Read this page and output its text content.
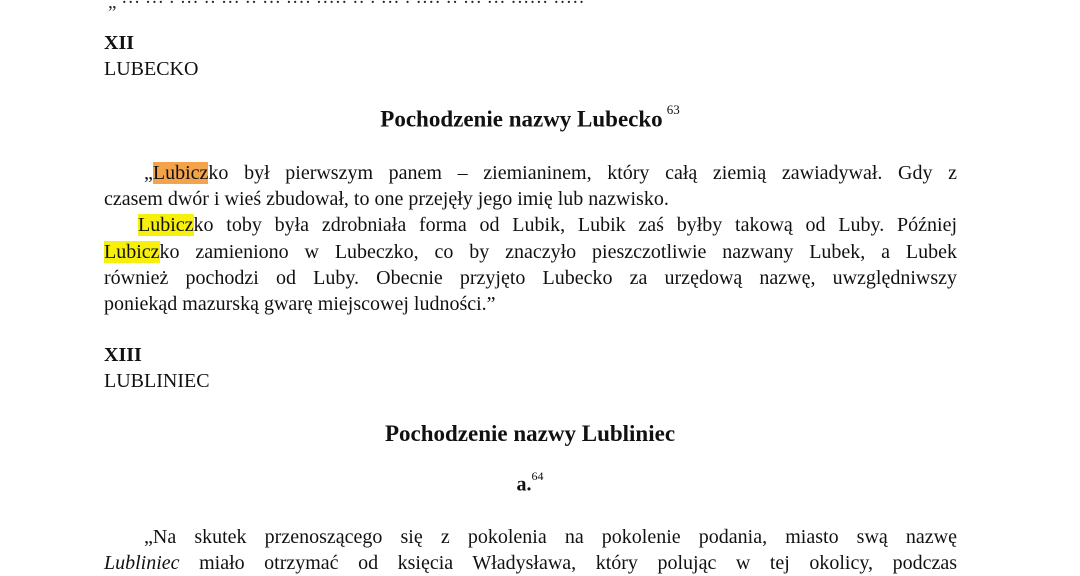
„ ··· ··· · ··· ·· ··· ·· ··· ···· ····· ·· · ··· · ···· ·· ··· ··· ······ ·····
XII
LUBECKO
Pochodzenie nazwy Lubecko $^{63}$
„Lubiczko był pierwszym panem – ziemianinem, który całą ziemią zawiadywał. Gdy z
czasem dwór i wieś zbudował, to one przejęły jego imię lub nazwisko.
Lubiczko toby była zdrobniała forma od Lubik, Lubik zaś byłby takową od Luby. Później
Lubiczko zamieniono w Lubeczko, co by znaczyło pieszczotliwie nazwany Lubek, a Lubek
również pochodzi od Luby. Obecnie przyjęto Lubecko za urzędową nazwę, uwzględniwszy
poniekąd mazurską gwarę miejscowej ludności.”
XIII
LUBLINIEC
Pochodzenie nazwy Lubliniec
a.$^{64}$
„Na skutek przenoszącego się z pokolenia na pokolenie podania, miasto swą nazwę
Lubliniec miało otrzymać od księcia Władysława, który polując w tej okolicy, podczas
